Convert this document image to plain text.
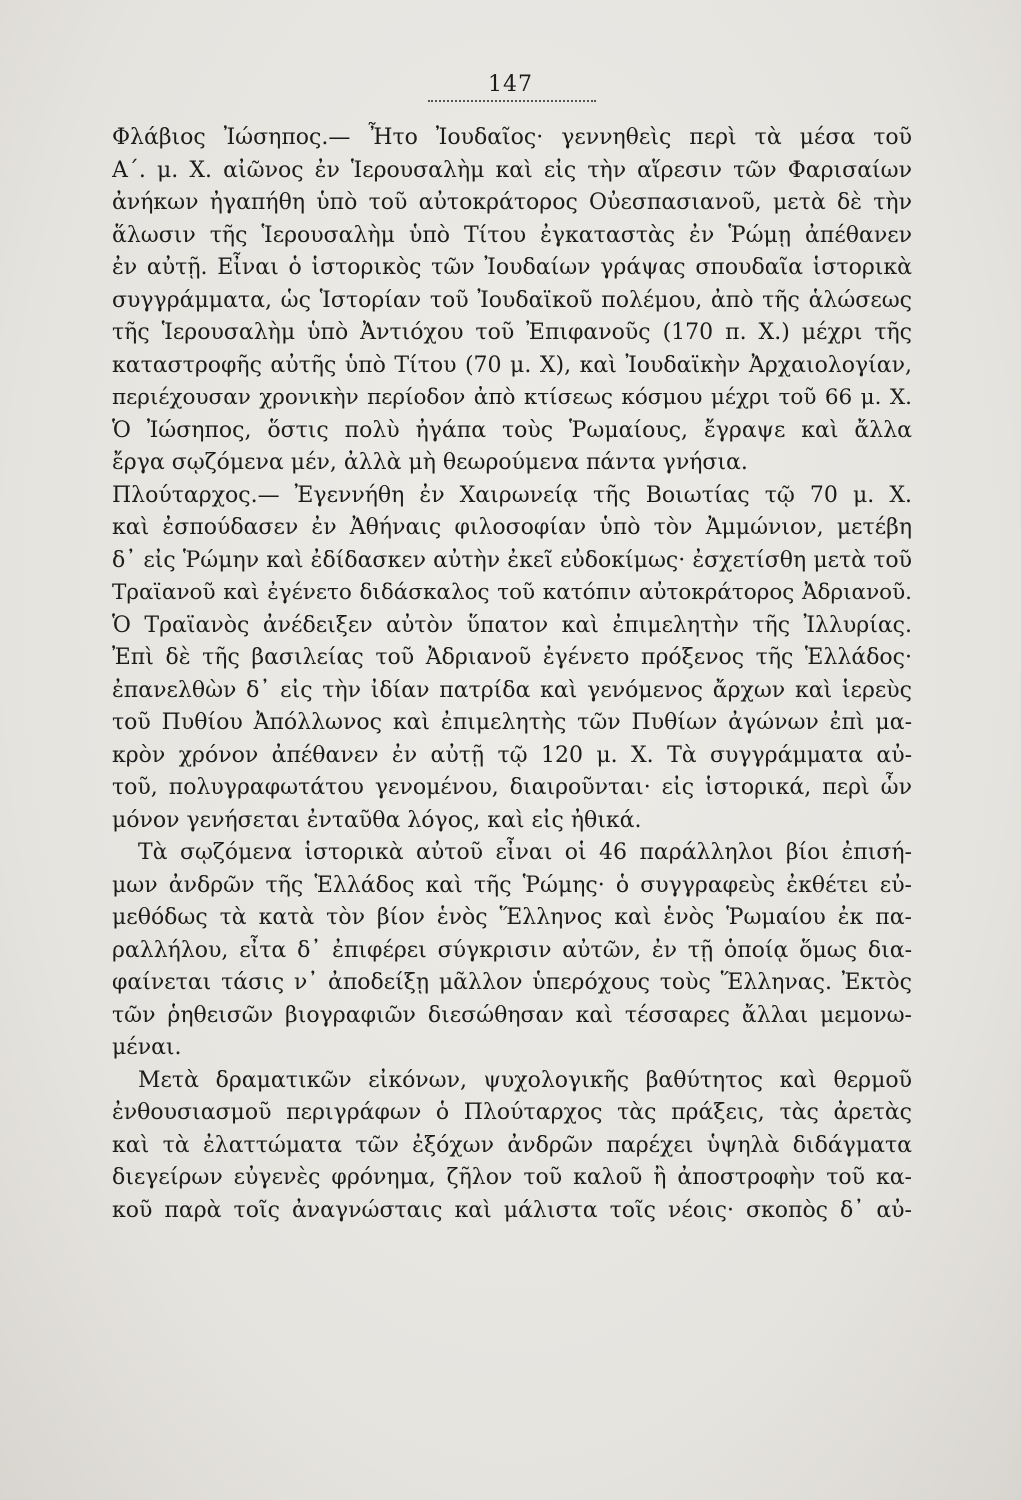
147
Φλάβιος Ἰώσηπος.— Ἦτο Ἰουδαῖος· γεννηθεὶς περὶ τὰ μέσα τοῦ
Α΄. μ. Χ. αἰῶνος ἐν Ἱερουσαλὴμ καὶ εἰς τὴν αἵρεσιν τῶν Φαρισαίων
ἀνήκων ἠγαπήθη ὑπὸ τοῦ αὐτοκράτορος Οὐεσπασιανοῦ, μετὰ δὲ τὴν
ἅλωσιν τῆς Ἱερουσαλὴμ ὑπὸ Τίτου ἐγκαταστὰς ἐν Ῥώμῃ ἀπέθανεν
ἐν αὐτῇ. Εἶναι ὁ ἱστορικὸς τῶν Ἰουδαίων γράψας σπουδαῖα ἱστορικὰ
συγγράμματα, ὡς Ἱστορίαν τοῦ Ἰουδαϊκοῦ πολέμου, ἀπὸ τῆς ἁλώσεως
τῆς Ἱερουσαλὴμ ὑπὸ Ἀντιόχου τοῦ Ἐπιφανοῦς (170 π. Χ.) μέχρι τῆς
καταστροφῆς αὐτῆς ὑπὸ Τίτου (70 μ. Χ), καὶ Ἰουδαϊκὴν Ἀρχαιολογίαν,
περιέχουσαν χρονικὴν περίοδον ἀπὸ κτίσεως κόσμου μέχρι τοῦ 66 μ. Χ.
Ὁ Ἰώσηπος, ὅστις πολὺ ἠγάπα τοὺς Ῥωμαίους, ἔγραψε καὶ ἄλλα
ἔργα σῳζόμενα μέν, ἀλλὰ μὴ θεωρούμενα πάντα γνήσια.
Πλούταρχος.— Ἐγεννήθη ἐν Χαιρωνείᾳ τῆς Βοιωτίας τῷ 70 μ. Χ.
καὶ ἐσπούδασεν ἐν Ἀθήναις φιλοσοφίαν ὑπὸ τὸν Ἀμμώνιον, μετέβη
δ᾿ εἰς Ῥώμην καὶ ἐδίδασκεν αὐτὴν ἐκεῖ εὐδοκίμως· ἐσχετίσθη μετὰ τοῦ
Τραϊανοῦ καὶ ἐγένετο διδάσκαλος τοῦ κατόπιν αὐτοκράτορος Ἀδριανοῦ.
Ὁ Τραϊανὸς ἀνέδειξεν αὐτὸν ὕπατον καὶ ἐπιμελητὴν τῆς Ἰλλυρίας.
Ἐπὶ δὲ τῆς βασιλείας τοῦ Ἀδριανοῦ ἐγένετο πρόξενος τῆς Ἑλλάδος·
ἐπανελθὼν δ᾿ εἰς τὴν ἰδίαν πατρίδα καὶ γενόμενος ἄρχων καὶ ἱερεὺς
τοῦ Πυθίου Ἀπόλλωνος καὶ ἐπιμελητὴς τῶν Πυθίων ἀγώνων ἐπὶ μα-
κρὸν χρόνον ἀπέθανεν ἐν αὐτῇ τῷ 120 μ. Χ. Τὰ συγγράμματα αὐ-
τοῦ, πολυγραφωτάτου γενομένου, διαιροῦνται· εἰς ἱστορικά, περὶ ὧν
μόνον γενήσεται ἐνταῦθα λόγος, καὶ εἰς ἠθικά.
Τὰ σῳζόμενα ἱστορικὰ αὐτοῦ εἶναι οἱ 46 παράλληλοι βίοι ἐπισή-
μων ἀνδρῶν τῆς Ἑλλάδος καὶ τῆς Ῥώμης· ὁ συγγραφεὺς ἐκθέτει εὐ-
μεθόδως τὰ κατὰ τὸν βίον ἑνὸς Ἕλληνος καὶ ἑνὸς Ῥωμαίου ἐκ πα-
ραλλήλου, εἶτα δ᾿ ἐπιφέρει σύγκρισιν αὐτῶν, ἐν τῇ ὁποίᾳ ὅμως δια-
φαίνεται τάσις ν᾿ ἀποδείξῃ μᾶλλον ὑπερόχους τοὺς Ἕλληνας. Ἐκτὸς
τῶν ῥηθεισῶν βιογραφιῶν διεσώθησαν καὶ τέσσαρες ἄλλαι μεμονω-
μέναι.
Μετὰ δραματικῶν εἰκόνων, ψυχολογικῆς βαθύτητος καὶ θερμοῦ
ἐνθουσιασμοῦ περιγράφων ὁ Πλούταρχος τὰς πράξεις, τὰς ἀρετὰς
καὶ τὰ ἐλαττώματα τῶν ἐξόχων ἀνδρῶν παρέχει ὑψηλὰ διδάγματα
διεγείρων εὐγενὲς φρόνημα, ζῆλον τοῦ καλοῦ ἢ ἀποστροφὴν τοῦ κα-
κοῦ παρὰ τοῖς ἀναγνώσταις καὶ μάλιστα τοῖς νέοις· σκοπὸς δ᾿ αὐ-
